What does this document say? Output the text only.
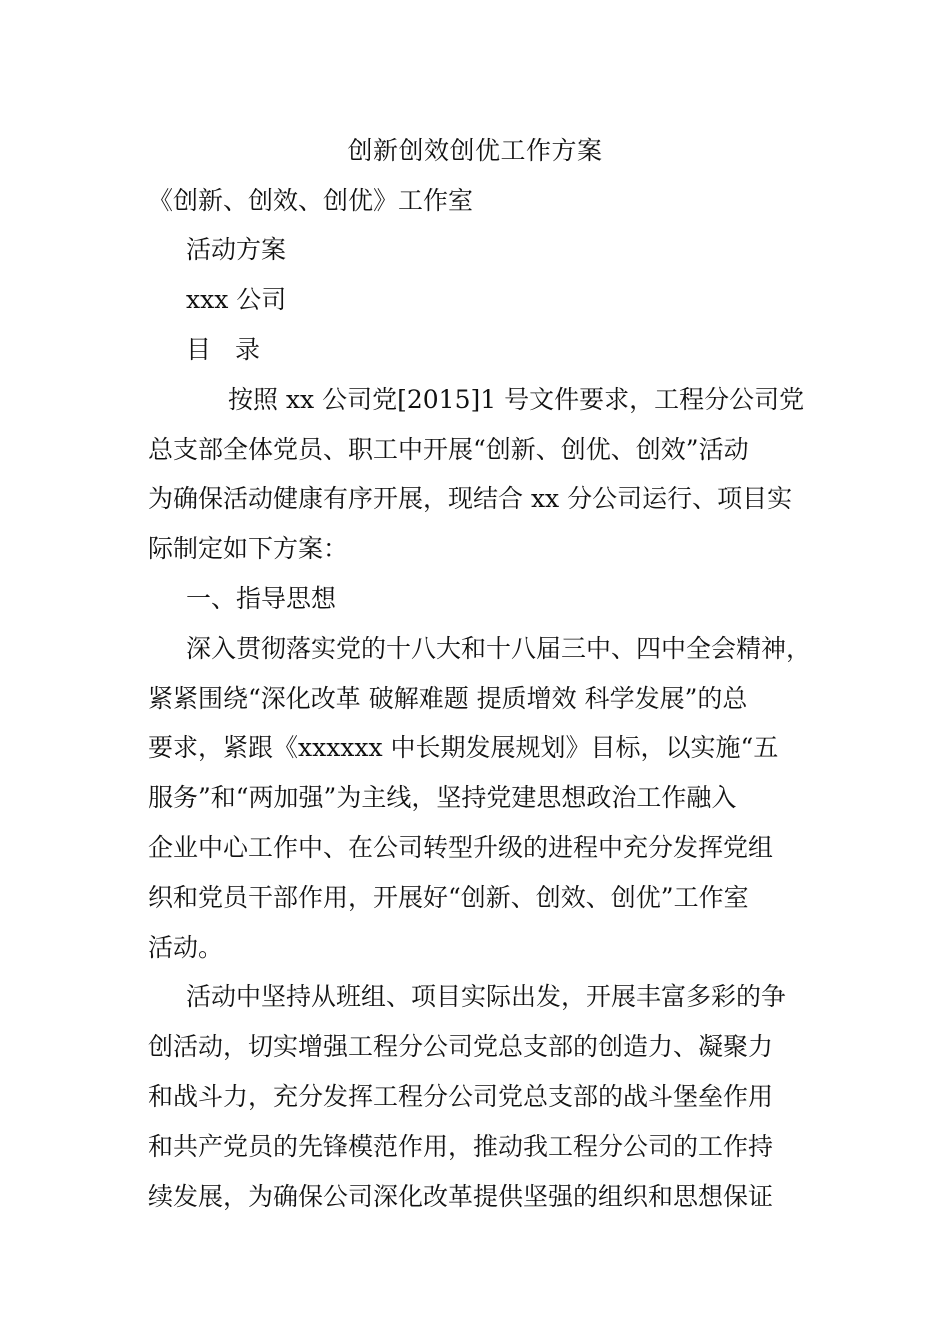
创新创效创优工作方案
《创新、创效、创优》工作室
活动方案
xxx 公司
目 录
按照 xx 公司党[2015]1 号文件要求，工程分公司党
总支部全体党员、职工中开展“创新、创优、创效”活动
为确保活动健康有序开展，现结合 xx 分公司运行、项目实
际制定如下方案：
一、指导思想
深入贯彻落实党的十八大和十八届三中、四中全会精神，
紧紧围绕“深化改革 破解难题 提质增效 科学发展”的总
要求，紧跟《xxxxxx 中长期发展规划》目标，以实施“五
服务”和“两加强”为主线，坚持党建思想政治工作融入
企业中心工作中、在公司转型升级的进程中充分发挥党组
织和党员干部作用，开展好“创新、创效、创优”工作室
活动。
活动中坚持从班组、项目实际出发，开展丰富多彩的争
创活动，切实增强工程分公司党总支部的创造力、凝聚力
和战斗力，充分发挥工程分公司党总支部的战斗堡垒作用
和共产党员的先锋模范作用，推动我工程分公司的工作持
续发展，为确保公司深化改革提供坚强的组织和思想保证
